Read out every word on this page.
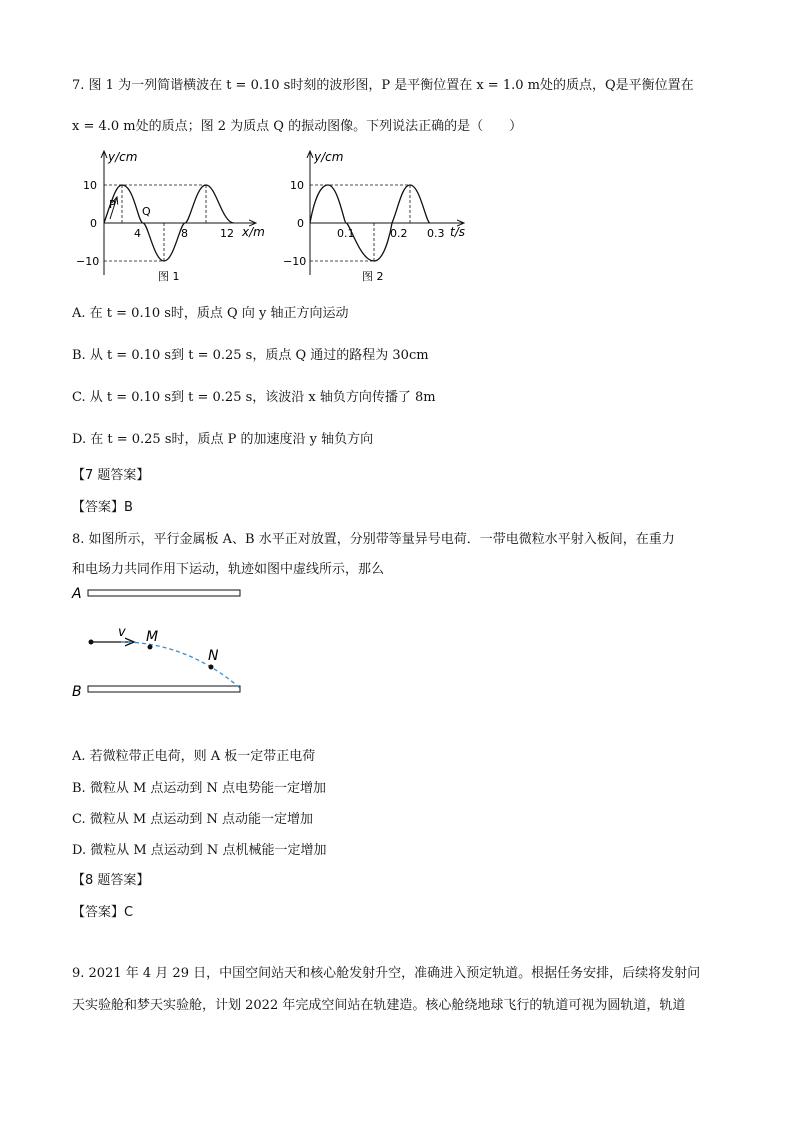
7. 图 1 为一列简谐横波在 t = 0.10 s时刻的波形图，P 是平衡位置在 x = 1.0 m处的质点，Q是平衡位置在
x = 4.0 m处的质点；图 2 为质点 Q 的振动图像。下列说法正确的是（　　）
P
Q
y/cm
x/m
10
0
−10
4	8	12
图 1
y/cm
t/s
10
0
−10
0.1	0.2 0.3
图 2
A. 在 t = 0.10 s时，质点 Q 向 y 轴正方向运动
B. 从 t = 0.10 s到 t = 0.25 s，质点 Q 通过的路程为 30cm
C. 从 t = 0.10 s到 t = 0.25 s，该波沿 x 轴负方向传播了 8m
D. 在 t = 0.25 s时，质点 P 的加速度沿 y 轴负方向
【7 题答案】
【答案】B
8. 如图所示，平行金属板 A、B 水平正对放置，分别带等量异号电荷．一带电微粒水平射入板间，在重力
和电场力共同作用下运动，轨迹如图中虚线所示，那么
A
B
v M
N
A. 若微粒带正电荷，则 A 板一定带正电荷
B. 微粒从 M 点运动到 N 点电势能一定增加
C. 微粒从 M 点运动到 N 点动能一定增加
D. 微粒从 M 点运动到 N 点机械能一定增加
【8 题答案】
【答案】C
9. 2021 年 4 月 29 日，中国空间站天和核心舱发射升空，准确进入预定轨道。根据任务安排，后续将发射问
天实验舱和梦天实验舱，计划 2022 年完成空间站在轨建造。核心舱绕地球飞行的轨道可视为圆轨道，轨道
